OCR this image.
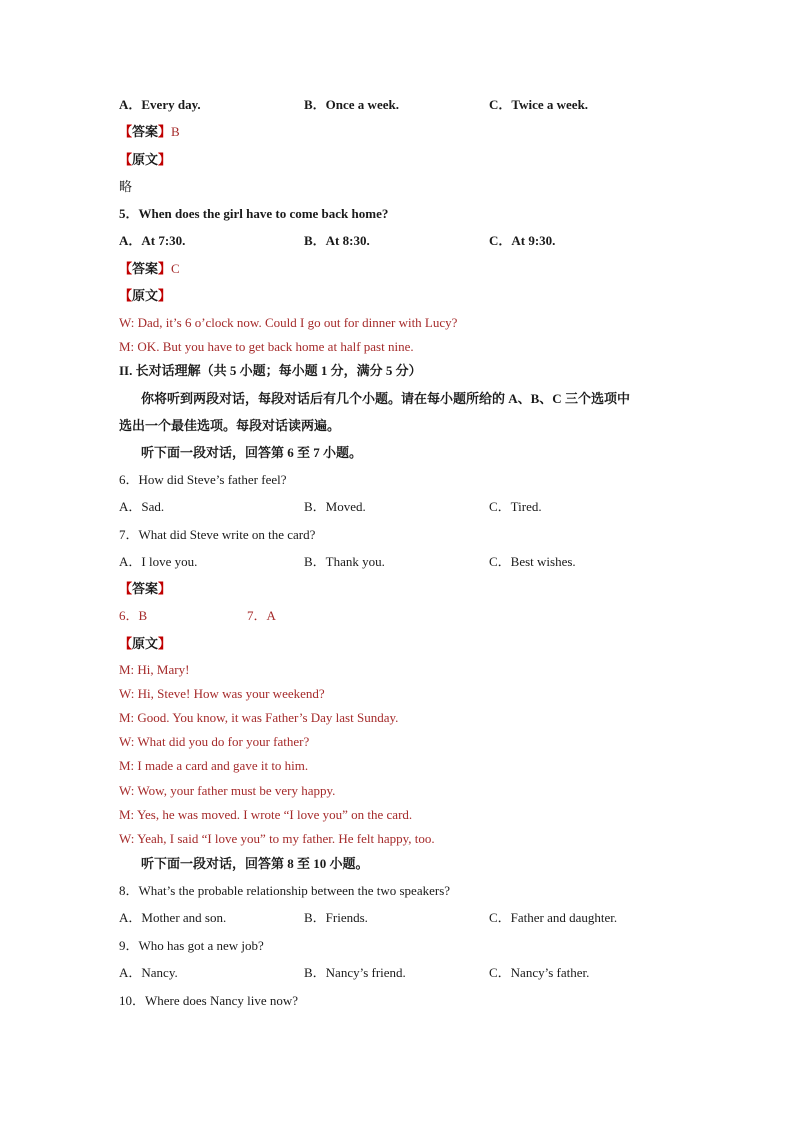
A．Every day.	B．Once a week.	C．Twice a week.
【答案】B
【原文】
略
5．When does the girl have to come back home?
A．At 7:30.	B．At 8:30.	C．At 9:30.
【答案】C
【原文】
W: Dad, it’s 6 o’clock now. Could I go out for dinner with Lucy?
M: OK. But you have to get back home at half past nine.
II. 长对话理解（共 5 小题；每小题 1 分，满分 5 分）
你将听到两段对话，每段对话后有几个小题。请在每小题所给的 A、B、C 三个选项中
选出一个最佳选项。每段对话读两遍。
听下面一段对话，回答第 6 至 7 小题。
6．How did Steve’s father feel?
A．Sad.	B．Moved.	C．Tired.
7．What did Steve write on the card?
A．I love you.	B．Thank you.	C．Best wishes.
【答案】
6．B	7．A
【原文】
M: Hi, Mary!
W: Hi, Steve! How was your weekend?
M: Good. You know, it was Father’s Day last Sunday.
W: What did you do for your father?
M: I made a card and gave it to him.
W: Wow, your father must be very happy.
M: Yes, he was moved. I wrote “I love you” on the card.
W: Yeah, I said “I love you” to my father. He felt happy, too.
听下面一段对话，回答第 8 至 10 小题。
8．What’s the probable relationship between the two speakers?
A．Mother and son.	B．Friends.	C．Father and daughter.
9．Who has got a new job?
A．Nancy.	B．Nancy’s friend.	C．Nancy’s father.
10．Where does Nancy live now?
